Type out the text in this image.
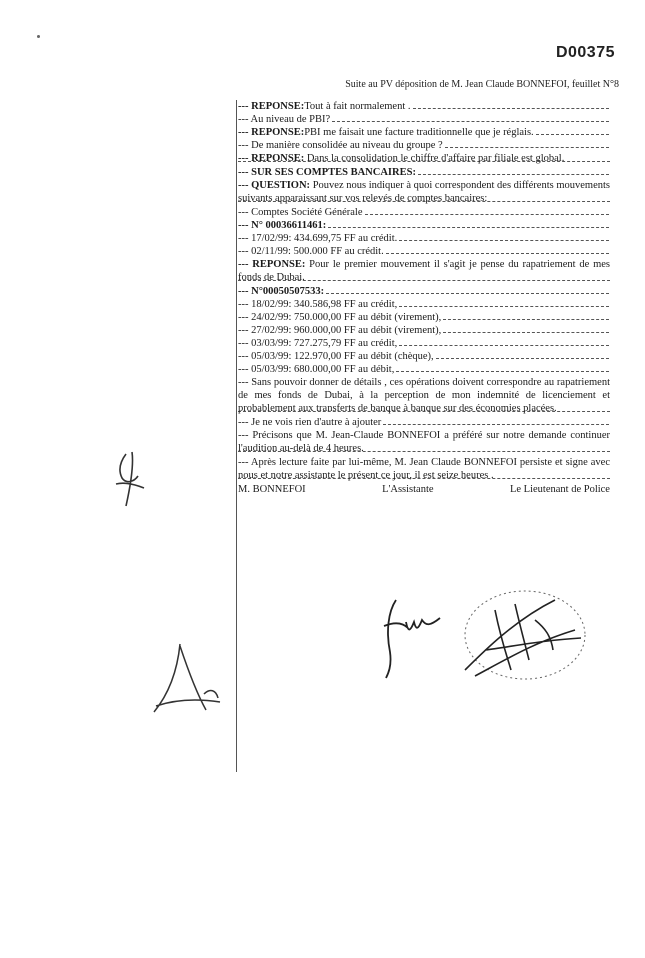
D00375
Suite au PV déposition de M. Jean Claude BONNEFOI, feuillet N°8
--- REPONSE: Tout à fait normalement .
--- Au niveau de PBI?
--- REPONSE: PBI me faisait une facture traditionnelle que je réglais.
--- De manière consolidée au niveau du groupe ?
--- REPONSE: Dans la consolidation le chiffre d'affaire par filiale est global.
--- SUR SES COMPTES BANCAIRES:
--- QUESTION: Pouvez nous indiquer à quoi correspondent des différents mouvements suivants apparaissant sur vos relevés de comptes bancaires:
--- Comptes Société Générale
--- N° 00036611461:
--- 17/02/99: 434.699,75 FF au crédit.
--- 02/11/99: 500.000 FF au crédit.
--- REPONSE: Pour le premier mouvement il s'agit je pense du rapatriement de mes fonds de Dubai.
--- N°00050507533:
--- 18/02/99: 340.586,98 FF au crédit,
--- 24/02/99: 750.000,00 FF au débit (virement),
--- 27/02/99: 960.000,00 FF au débit (virement),
--- 03/03/99: 727.275,79 FF au crédit,
--- 05/03/99: 122.970,00 FF au débit (chèque),
--- 05/03/99: 680.000,00 FF au débit,
--- Sans pouvoir donner de détails , ces opérations doivent correspondre au rapatriement de mes fonds de Dubai, à la perception de mon indemnité de licenciement et probablement aux transferts de banque à banque sur des économies placées.
--- Je ne vois rien d'autre à ajouter
--- Précisons que M. Jean-Claude BONNEFOI a préféré sur notre demande continuer l'audition au-delà de 4 heures.
--- Après lecture faite par lui-même, M. Jean Claude BONNEFOI persiste et signe avec nous et notre assistante le présent ce jour, il est seize heures .
M. BONNEFOI	L'Assistante	Le Lieutenant de Police
